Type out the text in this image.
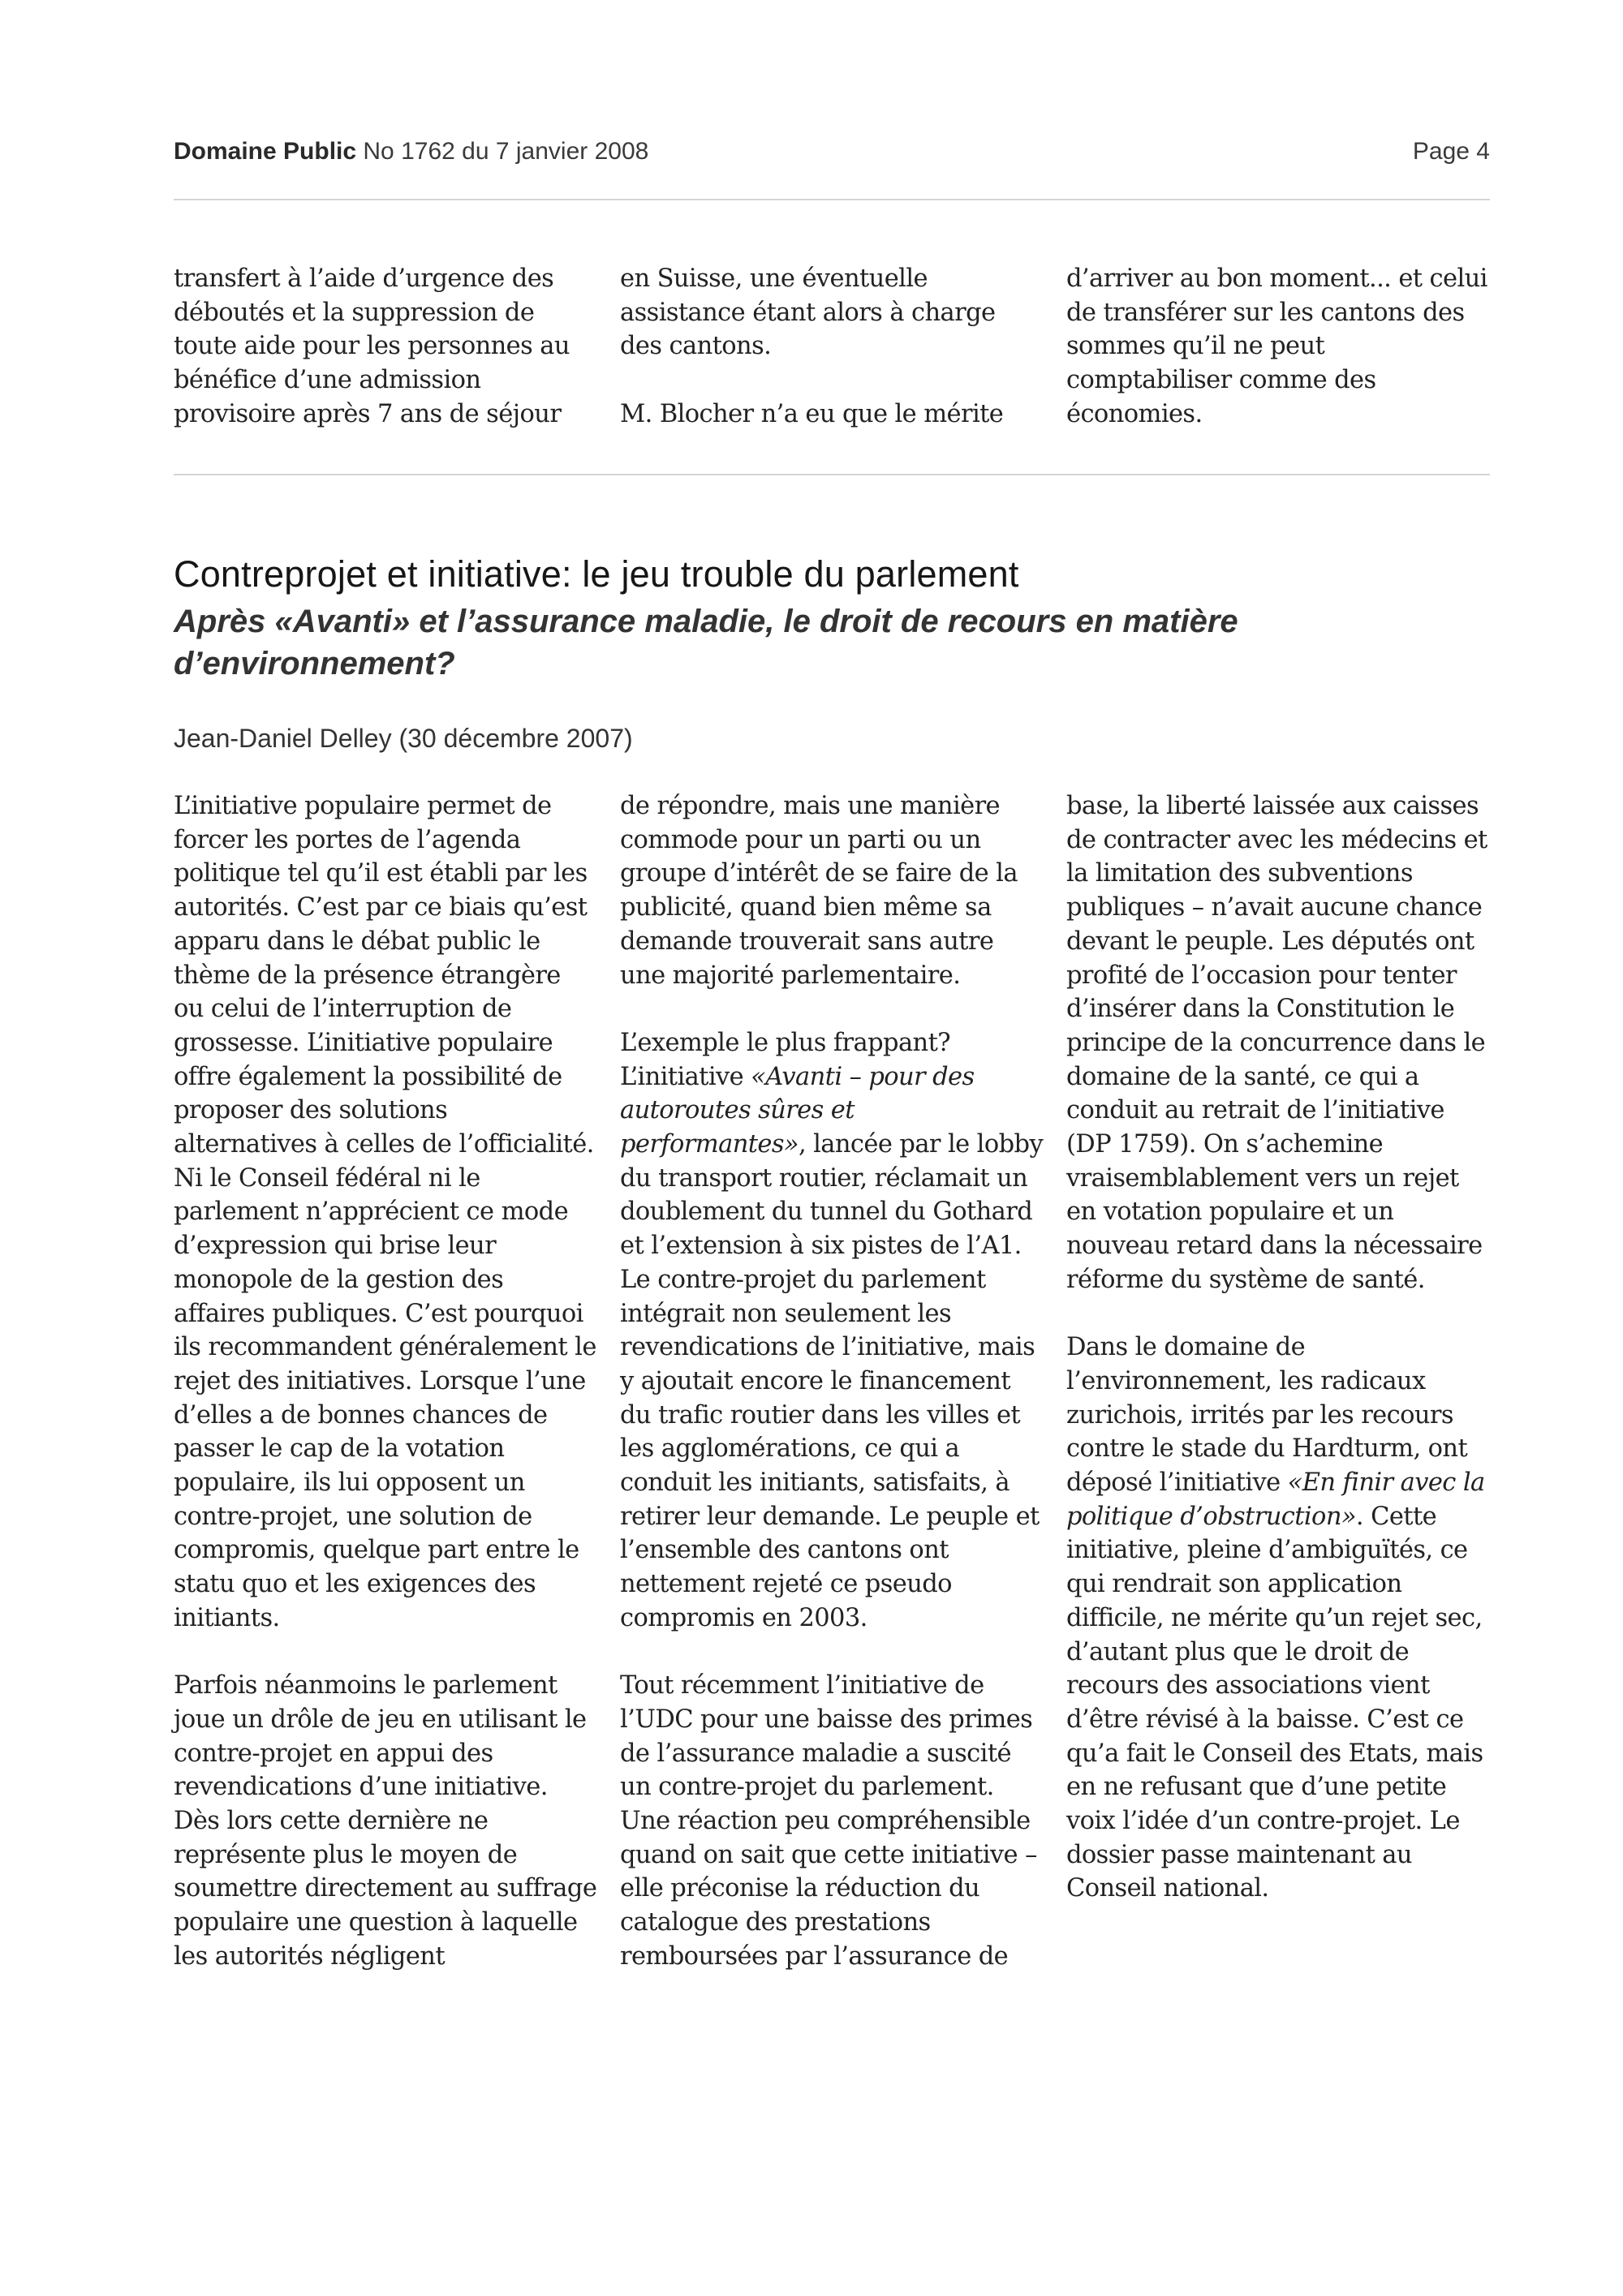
Domaine Public No 1762 du 7 janvier 2008	Page 4

transfert à l’aide d’urgence des déboutés et la suppression de toute aide pour les personnes au bénéfice d’une admission provisoire après 7 ans de séjour

en Suisse, une éventuelle assistance étant alors à charge des cantons.

M. Blocher n’a eu que le mérite

d’arriver au bon moment... et celui de transférer sur les cantons des sommes qu’il ne peut comptabiliser comme des économies.

Contreprojet et initiative: le jeu trouble du parlement
Après «Avanti» et l’assurance maladie, le droit de recours en matière d’environnement?
Jean-Daniel Delley (30 décembre 2007)

L’initiative populaire permet de forcer les portes de l’agenda politique tel qu’il est établi par les autorités. C’est par ce biais qu’est apparu dans le débat public le thème de la présence étrangère ou celui de l’interruption de grossesse. L’initiative populaire offre également la possibilité de proposer des solutions alternatives à celles de l’officialité. Ni le Conseil fédéral ni le parlement n’apprécient ce mode d’expression qui brise leur monopole de la gestion des affaires publiques. C’est pourquoi ils recommandent généralement le rejet des initiatives. Lorsque l’une d’elles a de bonnes chances de passer le cap de la votation populaire, ils lui opposent un contre-projet, une solution de compromis, quelque part entre le statu quo et les exigences des initiants.

Parfois néanmoins le parlement joue un drôle de jeu en utilisant le contre-projet en appui des revendications d’une initiative. Dès lors cette dernière ne représente plus le moyen de soumettre directement au suffrage populaire une question à laquelle les autorités négligent

de répondre, mais une manière commode pour un parti ou un groupe d’intérêt de se faire de la publicité, quand bien même sa demande trouverait sans autre une majorité parlementaire.

L’exemple le plus frappant? L’initiative «Avanti – pour des autoroutes sûres et performantes», lancée par le lobby du transport routier, réclamait un doublement du tunnel du Gothard et l’extension à six pistes de l’A1. Le contre-projet du parlement intégrait non seulement les revendications de l’initiative, mais y ajoutait encore le financement du trafic routier dans les villes et les agglomérations, ce qui a conduit les initiants, satisfaits, à retirer leur demande. Le peuple et l’ensemble des cantons ont nettement rejeté ce pseudo compromis en 2003.

Tout récemment l’initiative de l’UDC pour une baisse des primes de l’assurance maladie a suscité un contre-projet du parlement. Une réaction peu compréhensible quand on sait que cette initiative – elle préconise la réduction du catalogue des prestations remboursées par l’assurance de

base, la liberté laissée aux caisses de contracter avec les médecins et la limitation des subventions publiques – n’avait aucune chance devant le peuple. Les députés ont profité de l’occasion pour tenter d’insérer dans la Constitution le principe de la concurrence dans le domaine de la santé, ce qui a conduit au retrait de l’initiative (DP 1759). On s’achemine vraisemblablement vers un rejet en votation populaire et un nouveau retard dans la nécessaire réforme du système de santé.

Dans le domaine de l’environnement, les radicaux zurichois, irrités par les recours contre le stade du Hardturm, ont déposé l’initiative «En finir avec la politique d’obstruction». Cette initiative, pleine d’ambiguïtés, ce qui rendrait son application difficile, ne mérite qu’un rejet sec, d’autant plus que le droit de recours des associations vient d’être révisé à la baisse. C’est ce qu’a fait le Conseil des Etats, mais en ne refusant que d’une petite voix l’idée d’un contre-projet. Le dossier passe maintenant au Conseil national.
